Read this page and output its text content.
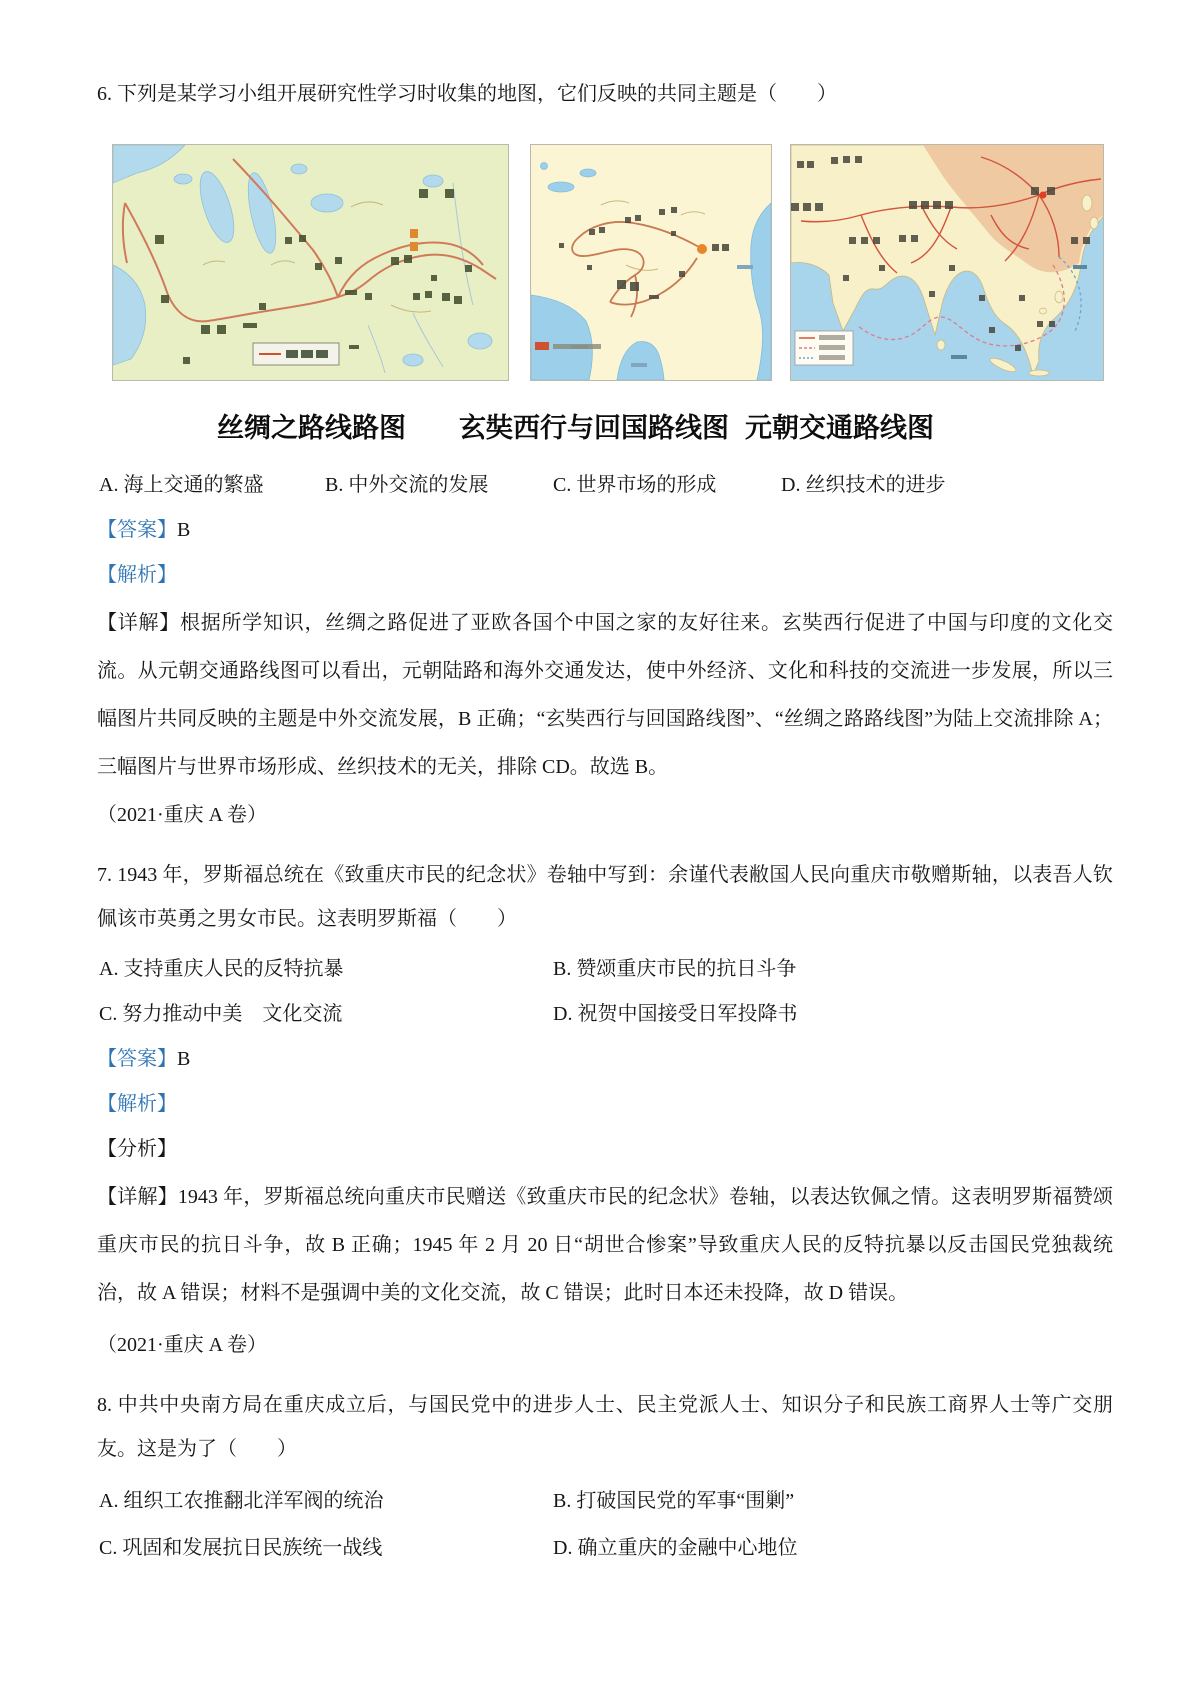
6. 下列是某学习小组开展研究性学习时收集的地图，它们反映的共同主题是（　　）
丝绸之路线路图 玄奘西行与回国路线图 元朝交通路线图
A. 海上交通的繁盛	B. 中外交流的发展	C. 世界市场的形成	D. 丝织技术的进步
【答案】B
【解析】
【详解】根据所学知识，丝绸之路促进了亚欧各国个中国之家的友好往来。玄奘西行促进了中国与印度的文化交流。从元朝交通路线图可以看出，元朝陆路和海外交通发达，使中外经济、文化和科技的交流进一步发展，所以三幅图片共同反映的主题是中外交流发展，B 正确；“玄奘西行与回国路线图”、“丝绸之路路线图”为陆上交流排除 A；三幅图片与世界市场形成、丝织技术的无关，排除 CD。故选 B。
（2021·重庆 A 卷）
7. 1943 年，罗斯福总统在《致重庆市民的纪念状》卷轴中写到：余谨代表敝国人民向重庆市敬赠斯轴，以表吾人钦佩该市英勇之男女市民。这表明罗斯福（　　）
A. 支持重庆人民的反特抗暴	B. 赞颂重庆市民的抗日斗争
C. 努力推动中美　文化交流	D. 祝贺中国接受日军投降书
【答案】B
【解析】
【分析】
【详解】1943 年，罗斯福总统向重庆市民赠送《致重庆市民的纪念状》卷轴，以表达钦佩之情。这表明罗斯福赞颂重庆市民的抗日斗争，故 B 正确；1945 年 2 月 20 日“胡世合惨案”导致重庆人民的反特抗暴以反击国民党独裁统治，故 A 错误；材料不是强调中美的文化交流，故 C 错误；此时日本还未投降，故 D 错误。
（2021·重庆 A 卷）
8. 中共中央南方局在重庆成立后，与国民党中的进步人士、民主党派人士、知识分子和民族工商界人士等广交朋友。这是为了（　　）
A. 组织工农推翻北洋军阀的统治	B. 打破国民党的军事“围剿”
C. 巩固和发展抗日民族统一战线	D. 确立重庆的金融中心地位
